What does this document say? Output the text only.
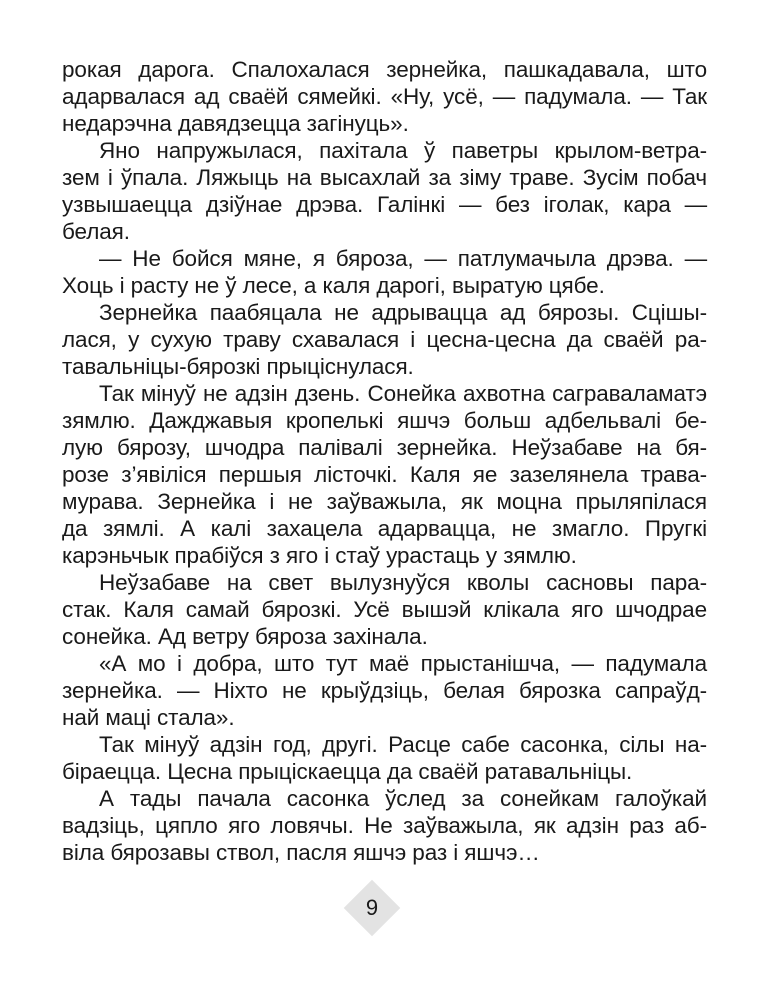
рокая дарога. Спалохалася зернейка, пашкадавала, што
адарвалася ад сваёй сямейкі. «Ну, усё, — падумала. — Так
недарэчна давядзецца загінуць».
Яно напружылася, пахітала ў паветры крылом-ветра-
зем і ўпала. Ляжыць на высахлай за зіму траве. Зусім побач
узвышаецца дзіўнае дрэва. Галінкі — без іголак, кара —
белая.
— Не бойся мяне, я бяроза, — патлумачыла дрэва. —
Хоць і расту не ў лесе, а каля дарогі, выратую цябе.
Зернейка паабяцала не адрывацца ад бярозы. Сцішы-
лася, у сухую траву схавалася і цесна-цесна да сваёй ра-
тавальніцы-бярозкі прыціснулася.
Так мінуў не адзін дзень. Сонейка ахвотна саграваламатэ
зямлю. Дажджавыя кропелькі яшчэ больш адбельвалі бе-
лую бярозу, шчодра палівалі зернейка. Неўзабаве на бя-
розе з’явіліся першыя лісточкі. Каля яе зазелянела трава-
мурава. Зернейка і не заўважыла, як моцна прыляпілася
да зямлі. А калі захацела адарвацца, не змагло. Пругкі
карэньчык прабіўся з яго і стаў урастаць у зямлю.
Неўзабаве на свет вылузнуўся кволы сасновы пара-
стак. Каля самай бярозкі. Усё вышэй клікала яго шчодрае
сонейка. Ад ветру бяроза захінала.
«А мо і добра, што тут маё прыстанішча, — падумала
зернейка. — Ніхто не крыўдзіць, белая бярозка сапраўд-
най маці стала».
Так мінуў адзін год, другі. Расце сабе сасонка, сілы на-
біраецца. Цесна прыціскаецца да сваёй ратавальніцы.
А тады пачала сасонка ўслед за сонейкам галоўкай
вадзіць, цяпло яго ловячы. Не заўважыла, як адзін раз аб-
віла бярозавы ствол, пасля яшчэ раз і яшчэ…
9
